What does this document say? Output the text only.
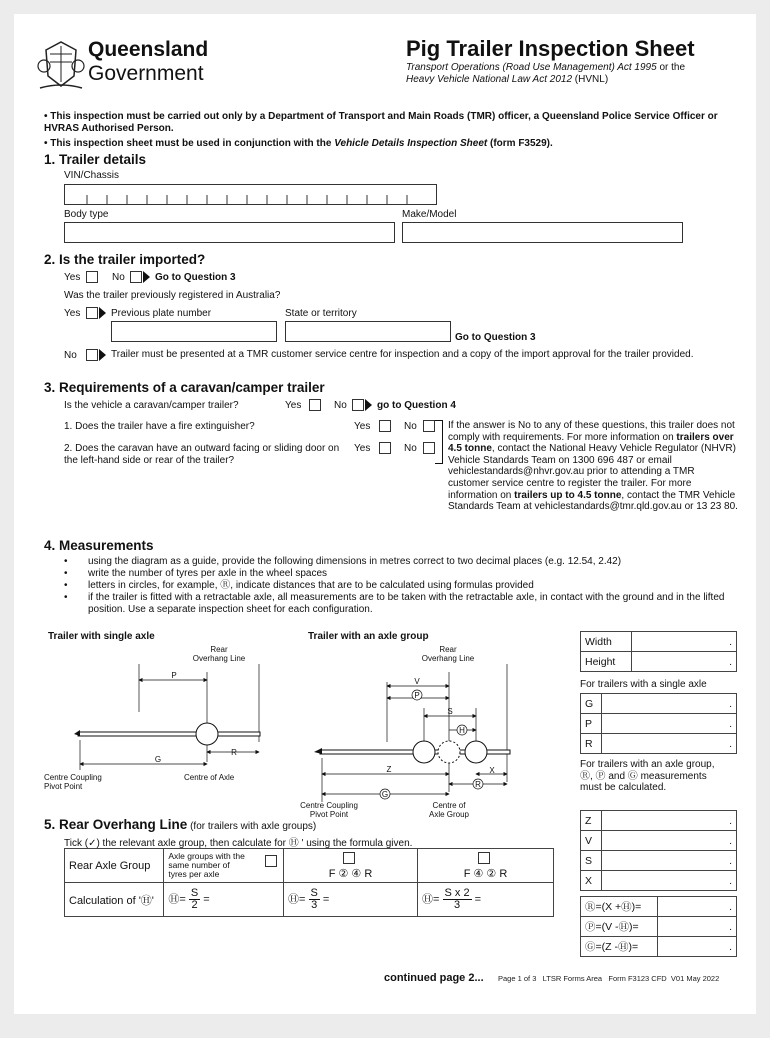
Queensland
Government
Pig Trailer Inspection Sheet
Transport Operations (Road Use Management) Act 1995 or the
Heavy Vehicle National Law Act 2012 (HVNL)
• This inspection must be carried out only by a Department of Transport and Main Roads (TMR) officer, a Queensland Police Service Officer or HVRAS Authorised Person.
• This inspection sheet must be used in conjunction with the Vehicle Details Inspection Sheet (form F3529).
1. Trailer details
VIN/Chassis
Body type	Make/Model
2. Is the trailer imported?
Yes	No	Go to Question 3
Was the trailer previously registered in Australia?
Yes	Previous plate number	State or territory
Go to Question 3
No	Trailer must be presented at a TMR customer service centre for inspection and a copy of the import approval for the trailer provided.
3. Requirements of a caravan/camper trailer
Is the vehicle a caravan/camper trailer?	Yes	No	go to Question 4
1. Does the trailer have a fire extinguisher?	Yes	No
2. Does the caravan have an outward facing or sliding door on the left-hand side or rear of the trailer?
Yes	No
If the answer is No to any of these questions, this trailer does not comply with requirements. For more information on trailers over 4.5 tonne, contact the National Heavy Vehicle Regulator (NHVR) Vehicle Standards Team on 1300 696 487 or email vehiclestandards@nhvr.gov.au prior to attending a TMR customer service centre to register the trailer. For more information on trailers up to 4.5 tonne, contact the TMR Vehicle Standards Team at vehiclestandards@tmr.qld.gov.au or 13 23 80.
4. Measurements
• using the diagram as a guide, provide the following dimensions in metres correct to two decimal places (e.g. 12.54, 2.42)
• write the number of tyres per axle in the wheel spaces
• letters in circles, for example, Ⓡ, indicate distances that are to be calculated using formulas provided
• if the trailer is fitted with a retractable axle, all measurements are to be taken with the retractable axle, in contact with the ground and in the lifted position. Use a separate inspection sheet for each configuration.
Trailer with single axle	Trailer with an axle group
Rear
Overhang Line
P
R
G
Centre Coupling
Pivot Point
Centre of Axle
Rear
Overhang Line
V
P
S
H
Z	X
R
G
Centre Coupling
Pivot Point
Centre of
Axle Group
Width	.
Height	.
For trailers with a single axle
G	.
P	.
R	.
For trailers with an axle group, Ⓡ, Ⓟ and Ⓖ measurements must be calculated.
Z	.
V	.
S	.
X	.
Ⓡ=(X +Ⓗ)=	.
Ⓟ=(V -Ⓗ)=	.
Ⓖ=(Z -Ⓗ)=	.
5. Rear Overhang Line (for trailers with axle groups)
Tick (✓) the relevant axle group, then calculate for Ⓗ ' using the formula given.
Rear Axle Group	Axle groups with the same number of tyres per axle	F ② ④ R	F ④ ② R

Calculation of 'Ⓗ'	Ⓗ= $\frac{S}{2}$ =	Ⓗ= $\frac{S}{3}$ =	Ⓗ= $\frac{\text{S x 2}}{3}$ =
continued page 2... Page 1 of 3 LTSR Forms Area Form F3123 CFD V01 May 2022
